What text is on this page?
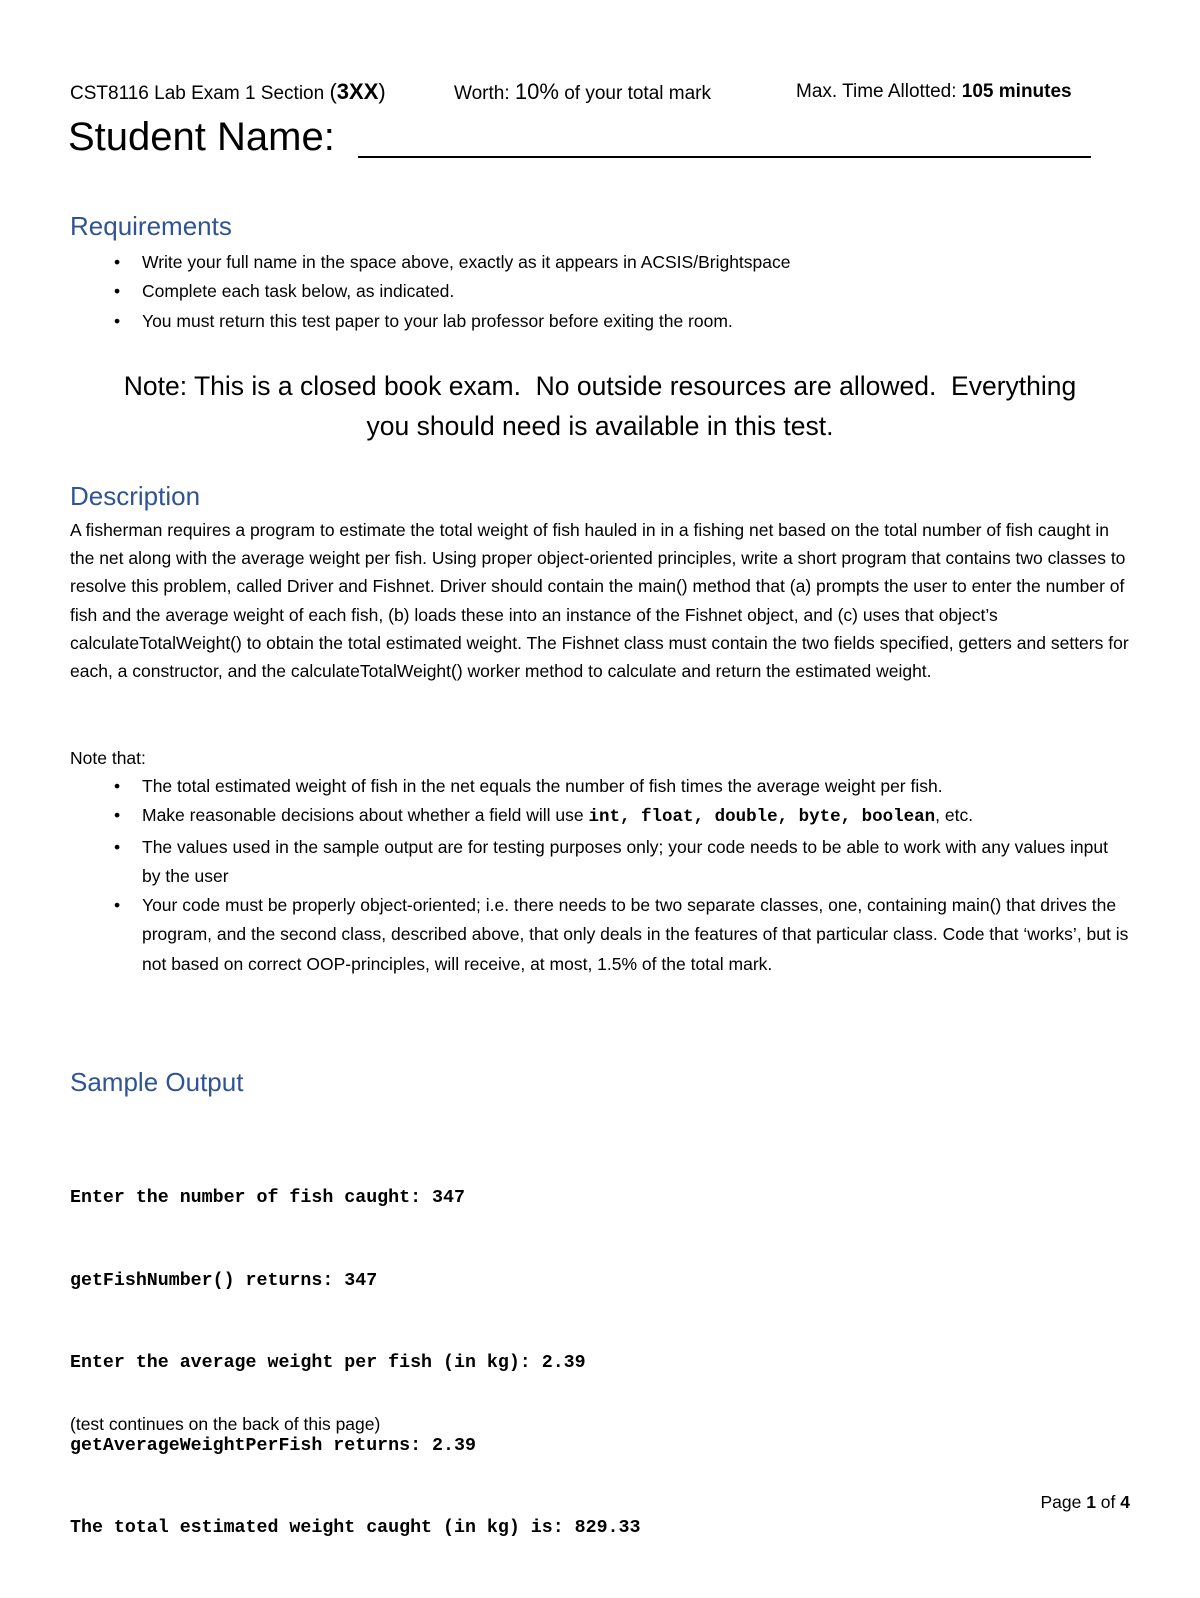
CST8116 Lab Exam 1 Section (3XX)	Worth: 10% of your total mark	Max. Time Allotted: 105 minutes
Student Name:
Requirements
• Write your full name in the space above, exactly as it appears in ACSIS/Brightspace
• Complete each task below, as indicated.
• You must return this test paper to your lab professor before exiting the room.
Note: This is a closed book exam.  No outside resources are allowed.  Everything
you should need is available in this test.
Description

A fisherman requires a program to estimate the total weight of fish hauled in in a fishing net based on the total number of fish caught in the net along with the average weight per fish. Using proper object-oriented principles, write a short program that contains two classes to resolve this problem, called Driver and Fishnet. Driver should contain the main() method that (a) prompts the user to enter the number of fish and the average weight of each fish, (b) loads these into an instance of the Fishnet object, and (c) uses that object’s calculateTotalWeight() to obtain the total estimated weight. The Fishnet class must contain the two fields specified, getters and setters for each, a constructor, and the calculateTotalWeight() worker method to calculate and return the estimated weight.

Note that:
• The total estimated weight of fish in the net equals the number of fish times the average weight per fish.
• Make reasonable decisions about whether a field will use int, float, double, byte, boolean, etc.
• The values used in the sample output are for testing purposes only; your code needs to be able to work with any values input by the user
• Your code must be properly object-oriented; i.e. there needs to be two separate classes, one, containing main() that drives the program, and the second class, described above, that only deals in the features of that particular class. Code that ‘works’, but is not based on correct OOP-principles, will receive, at most, 1.5% of the total mark.
Sample Output

Enter the number of fish caught: 347

getFishNumber() returns: 347

Enter the average weight per fish (in kg): 2.39

getAverageWeightPerFish returns: 2.39

The total estimated weight caught (in kg) is: 829.33

(test continues on the back of this page)
Page 1 of 4
